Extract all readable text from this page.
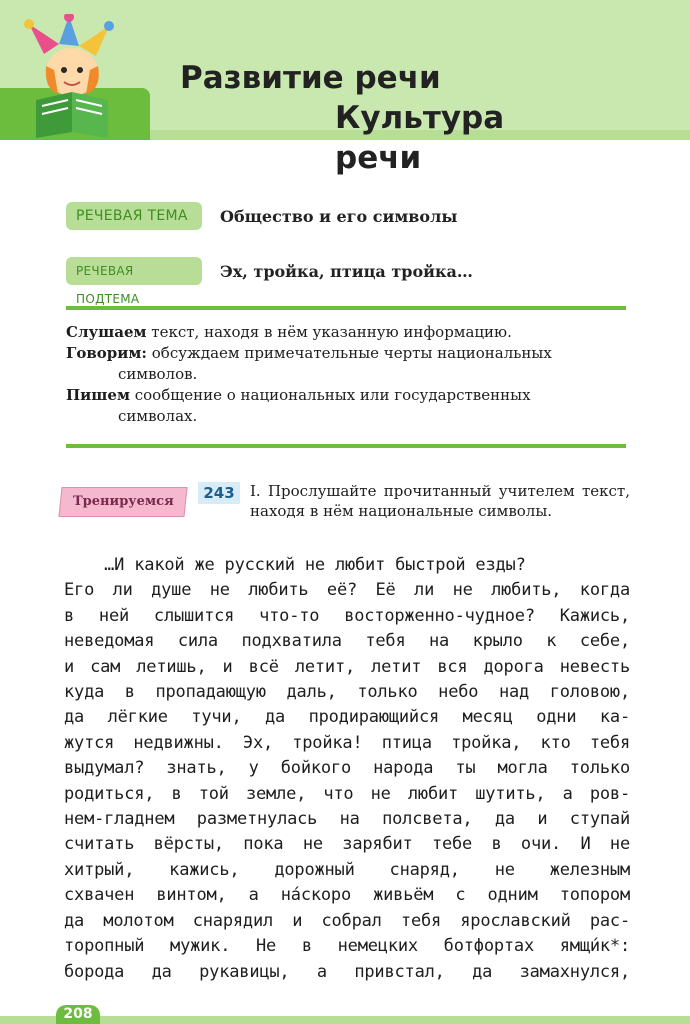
Развитие речи
Культура речи
РЕЧЕВАЯ ТЕМА	Общество и его символы
РЕЧЕВАЯ ПОДТЕМА
Эх, тройка, птица тройка…
Слушаем текст, находя в нём указанную информацию.
Говорим: обсуждаем примечательные черты национальных
символов.
Пишем сообщение о национальных или государственных
символах.
Тренируемся	243	I. Прослушайте прочитанный учителем текст, находя в нём национальные символы.
…И какой же русский не любит быстрой езды?
Его ли душе не любить её? Её ли не любить, когда
в ней слышится что-то восторженно-чудное? Кажись,
неведомая сила подхватила тебя на крыло к себе,
и сам летишь, и всё летит, летит вся дорога невесть
куда в пропадающую даль, только небо над головою,
да лёгкие тучи, да продирающийся месяц одни ка-
жутся недвижны. Эх, тройка! птица тройка, кто тебя
выдумал? знать, у бойкого народа ты могла только
родиться, в той земле, что не любит шутить, а ров-
нем-гладнем разметнулась на полсвета, да и ступай
считать вёрсты, пока не зарябит тебе в очи. И не
хитрый, кажись, дорожный снаряд, не железным
схвачен винтом, а на́скоро живьём с одним топором
да молотом снарядил и собрал тебя ярославский рас-
торопный мужик. Не в немецких ботфортах ямщи́к*:
борода да рукавицы, а привстал, да замахнулся,
208
